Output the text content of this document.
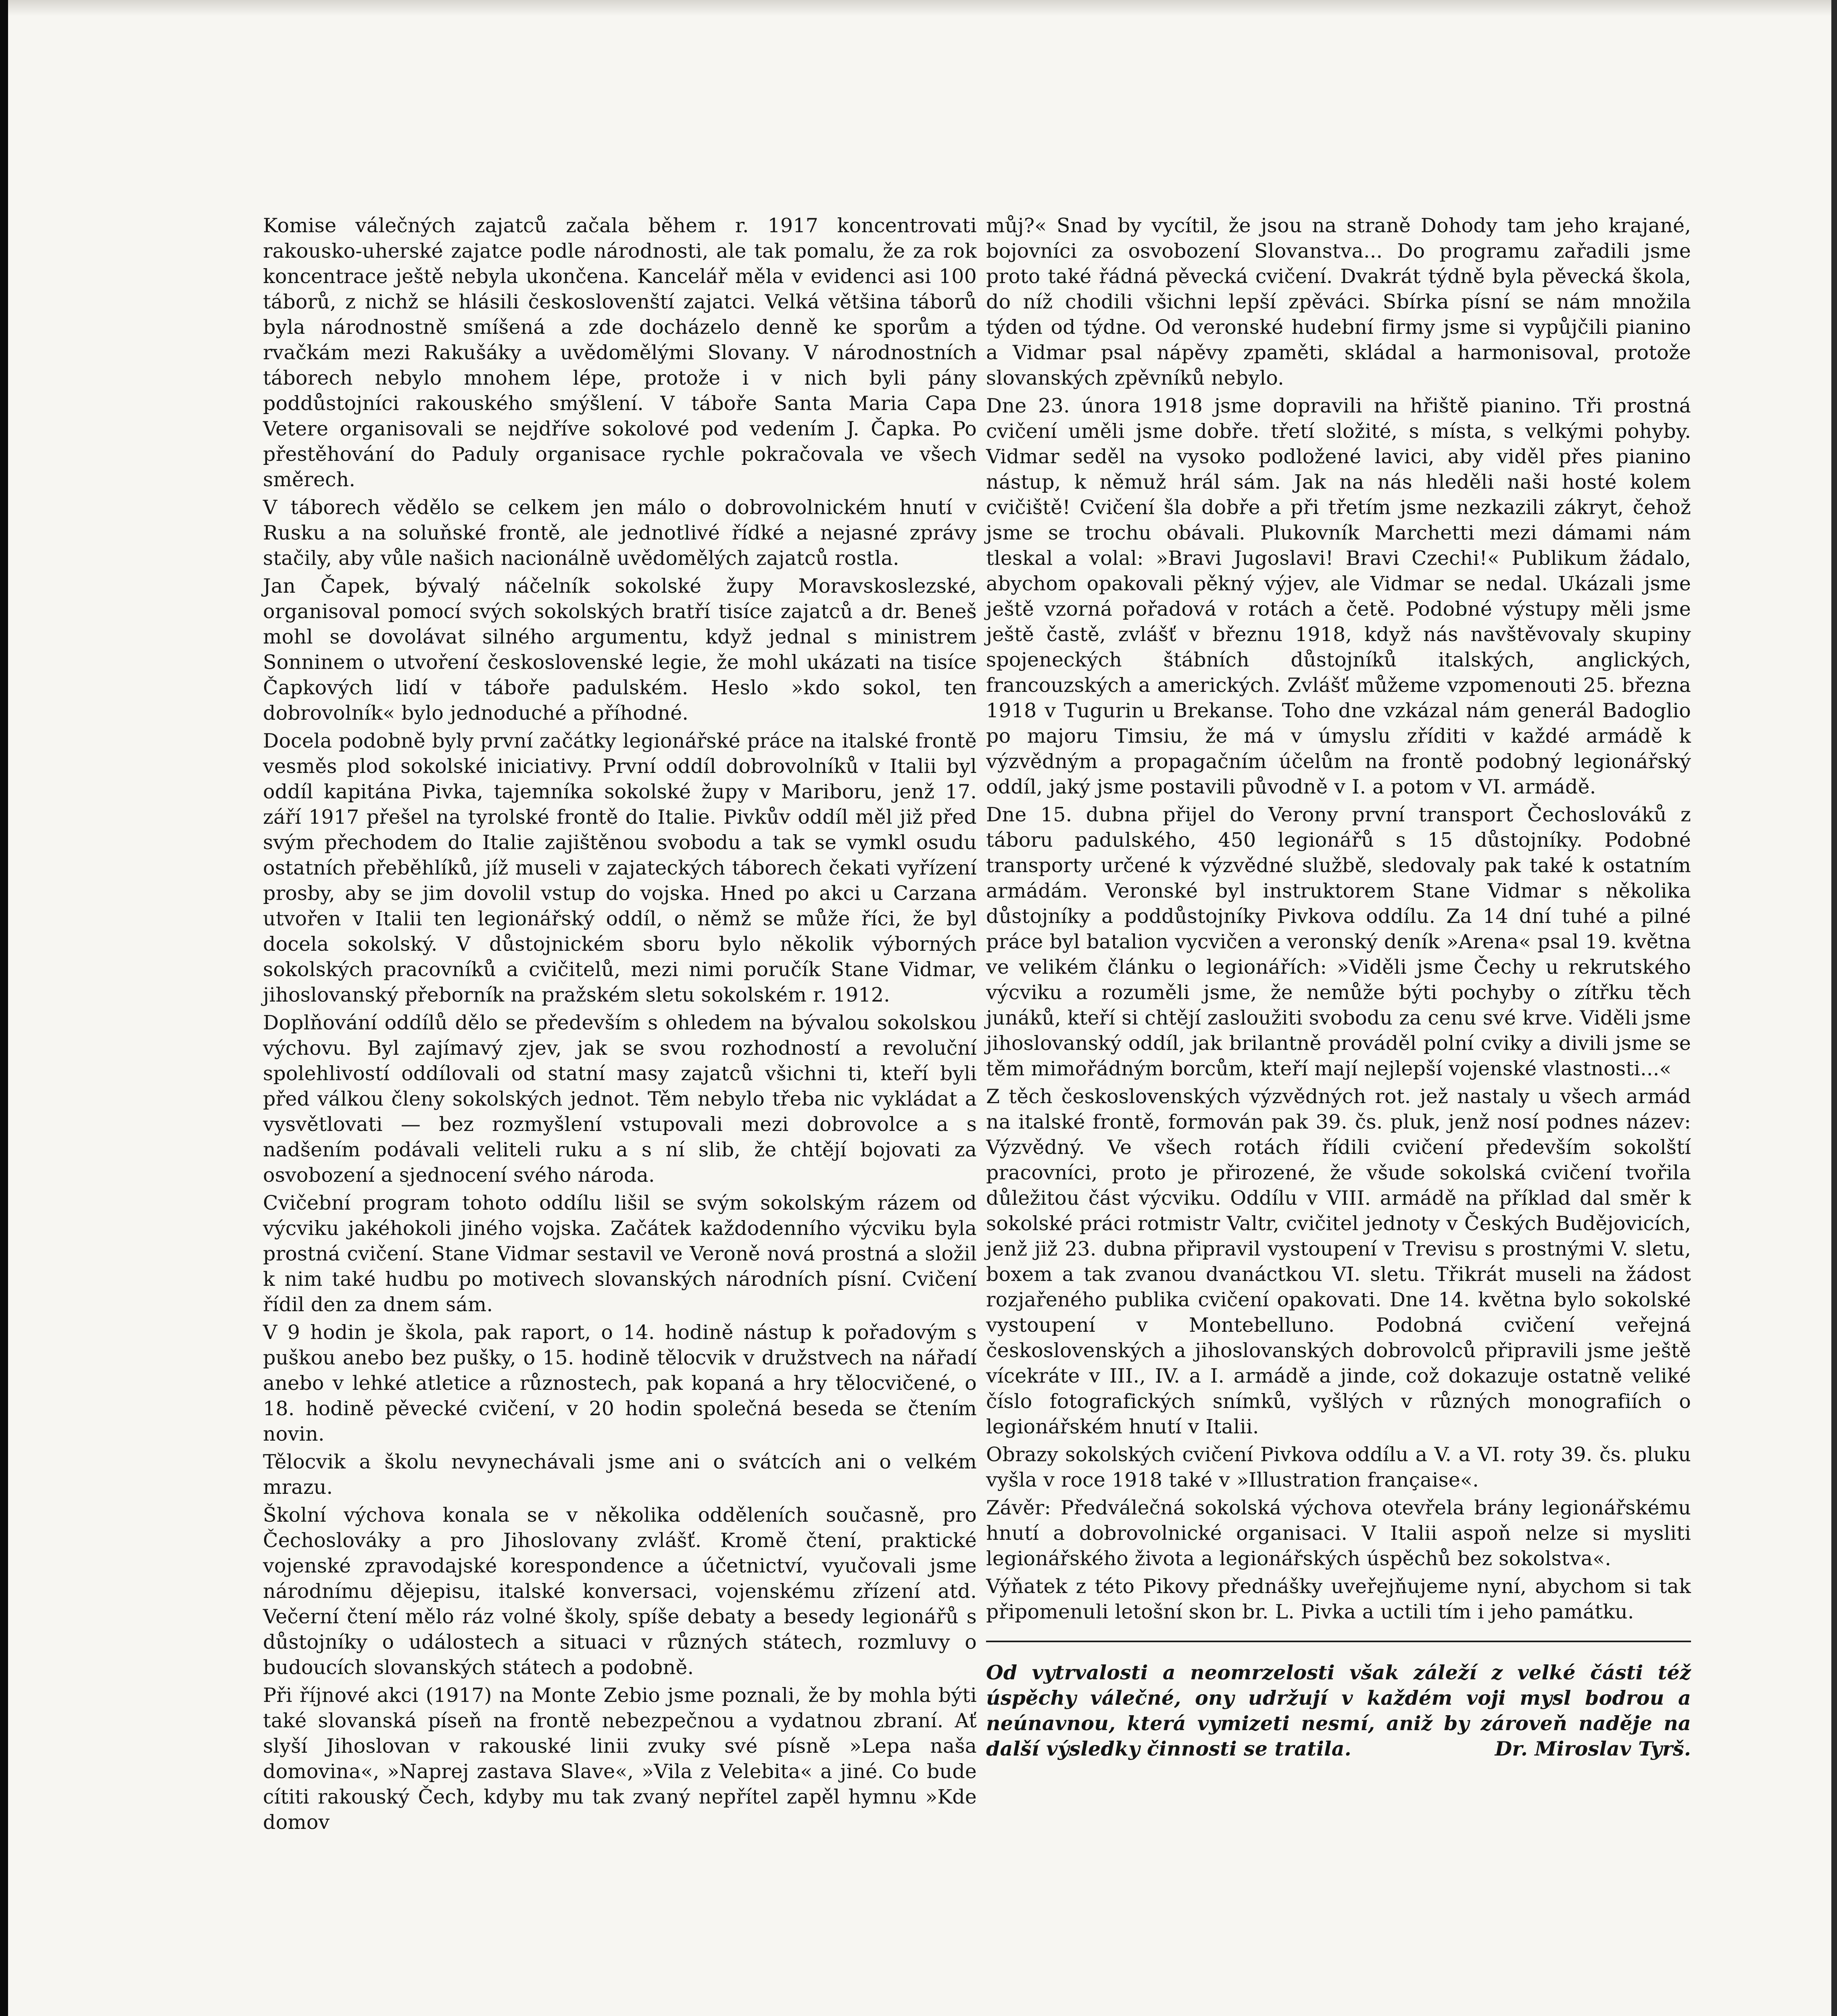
Komise válečných zajatců začala během r. 1917 koncentrovati rakousko-uherské zajatce podle národnosti, ale tak pomalu, že za rok koncentrace ještě nebyla ukončena. Kancelář měla v evidenci asi 100 táborů, z nichž se hlásili českoslovenští zajatci. Velká většina táborů byla národnostně smíšená a zde docházelo denně ke sporům a rvačkám mezi Rakušáky a uvědomělými Slovany. V národnostních táborech nebylo mnohem lépe, protože i v nich byli pány poddůstojníci rakouského smýšlení. V táboře Santa Maria Capa Vetere organisovali se nejdříve sokolové pod vedením J. Čapka. Po přestěhování do Paduly organisace rychle pokračovala ve všech směrech.

V táborech vědělo se celkem jen málo o dobrovolnickém hnutí v Rusku a na soluňské frontě, ale jednotlivé řídké a nejasné zprávy stačily, aby vůle našich nacionálně uvědomělých zajatců rostla.

Jan Čapek, bývalý náčelník sokolské župy Moravskoslezské, organisoval pomocí svých sokolských bratří tisíce zajatců a dr. Beneš mohl se dovolávat silného argumentu, když jednal s ministrem Sonninem o utvoření československé legie, že mohl ukázati na tisíce Čapkových lidí v táboře padulském. Heslo »kdo sokol, ten dobrovolník« bylo jednoduché a příhodné.

Docela podobně byly první začátky legionářské práce na italské frontě vesměs plod sokolské iniciativy. První oddíl dobrovolníků v Italii byl oddíl kapitána Pivka, tajemníka sokolské župy v Mariboru, jenž 17. září 1917 přešel na tyrolské frontě do Italie. Pivkův oddíl měl již před svým přechodem do Italie zajištěnou svobodu a tak se vymkl osudu ostatních přeběhlíků, jíž museli v zajateckých táborech čekati vyřízení prosby, aby se jim dovolil vstup do vojska. Hned po akci u Carzana utvořen v Italii ten legionářský oddíl, o němž se může říci, že byl docela sokolský. V důstojnickém sboru bylo několik výborných sokolských pracovníků a cvičitelů, mezi nimi poručík Stane Vidmar, jihoslovanský přeborník na pražském sletu sokolském r. 1912.

Doplňování oddílů dělo se především s ohledem na bývalou sokolskou výchovu. Byl zajímavý zjev, jak se svou rozhodností a revoluční spolehlivostí oddílovali od statní masy zajatců všichni ti, kteří byli před válkou členy sokolských jednot. Těm nebylo třeba nic vykládat a vysvětlovati — bez rozmyšlení vstupovali mezi dobrovolce a s nadšením podávali veliteli ruku a s ní slib, že chtějí bojovati za osvobození a sjednocení svého národa.

Cvičební program tohoto oddílu lišil se svým sokolským rázem od výcviku jakéhokoli jiného vojska. Začátek každodenního výcviku byla prostná cvičení. Stane Vidmar sestavil ve Veroně nová prostná a složil k nim také hudbu po motivech slovanských národních písní. Cvičení řídil den za dnem sám.

V 9 hodin je škola, pak raport, o 14. hodině nástup k pořadovým s puškou anebo bez pušky, o 15. hodině tělocvik v družstvech na nářadí anebo v lehké atletice a různostech, pak kopaná a hry tělocvičené, o 18. hodině pěvecké cvičení, v 20 hodin společná beseda se čtením novin.

Tělocvik a školu nevynechávali jsme ani o svátcích ani o velkém mrazu.

Školní výchova konala se v několika odděleních současně, pro Čechoslováky a pro Jihoslovany zvlášť. Kromě čtení, praktické vojenské zpravodajské korespondence a účetnictví, vyučovali jsme národnímu dějepisu, italské konversaci, vojenskému zřízení atd. Večerní čtení mělo ráz volné školy, spíše debaty a besedy legionářů s důstojníky o událostech a situaci v různých státech, rozmluvy o budoucích slovanských státech a podobně.

Při říjnové akci (1917) na Monte Zebio jsme poznali, že by mohla býti také slovanská píseň na frontě nebezpečnou a vydatnou zbraní. Ať slyší Jihoslovan v rakouské linii zvuky své písně »Lepa naša domovina«, »Naprej zastava Slave«, »Vila z Velebita« a jiné. Co bude cítiti rakouský Čech, kdyby mu tak zvaný nepřítel zapěl hymnu »Kde domov

můj?« Snad by vycítil, že jsou na straně Dohody tam jeho krajané, bojovníci za osvobození Slovanstva... Do programu zařadili jsme proto také řádná pěvecká cvičení. Dvakrát týdně byla pěvecká škola, do níž chodili všichni lepší zpěváci. Sbírka písní se nám množila týden od týdne. Od veronské hudební firmy jsme si vypůjčili pianino a Vidmar psal nápěvy zpaměti, skládal a harmonisoval, protože slovanských zpěvníků nebylo.

Dne 23. února 1918 jsme dopravili na hřiště pianino. Tři prostná cvičení uměli jsme dobře. třetí složité, s místa, s velkými pohyby. Vidmar seděl na vysoko podložené lavici, aby viděl přes pianino nástup, k němuž hrál sám. Jak na nás hleděli naši hosté kolem cvičiště! Cvičení šla dobře a při třetím jsme nezkazili zákryt, čehož jsme se trochu obávali. Plukovník Marchetti mezi dámami nám tleskal a volal: »Bravi Jugoslavi! Bravi Czechi!« Publikum žádalo, abychom opakovali pěkný výjev, ale Vidmar se nedal. Ukázali jsme ještě vzorná pořadová v rotách a četě. Podobné výstupy měli jsme ještě častě, zvlášť v březnu 1918, když nás navštěvovaly skupiny spojeneckých štábních důstojníků italských, anglických, francouzských a amerických. Zvlášť můžeme vzpomenouti 25. března 1918 v Tugurin u Brekanse. Toho dne vzkázal nám generál Badoglio po majoru Timsiu, že má v úmyslu zříditi v každé armádě k výzvědným a propagačním účelům na frontě podobný legionářský oddíl, jaký jsme postavili původně v I. a potom v VI. armádě.

Dne 15. dubna přijel do Verony první transport Čechoslováků z táboru padulského, 450 legionářů s 15 důstojníky. Podobné transporty určené k výzvědné službě, sledovaly pak také k ostatním armádám. Veronské byl instruktorem Stane Vidmar s několika důstojníky a poddůstojníky Pivkova oddílu. Za 14 dní tuhé a pilné práce byl batalion vycvičen a veronský deník »Arena« psal 19. května ve velikém článku o legionářích: »Viděli jsme Čechy u rekrutského výcviku a rozuměli jsme, že nemůže býti pochyby o zítřku těch junáků, kteří si chtějí zasloužiti svobodu za cenu své krve. Viděli jsme jihoslovanský oddíl, jak brilantně prováděl polní cviky a divili jsme se těm mimořádným borcům, kteří mají nejlepší vojenské vlastnosti...«

Z těch československých výzvědných rot. jež nastaly u všech armád na italské frontě, formován pak 39. čs. pluk, jenž nosí podnes název: Výzvědný. Ve všech rotách řídili cvičení především sokolští pracovníci, proto je přirozené, že všude sokolská cvičení tvořila důležitou část výcviku. Oddílu v VIII. armádě na příklad dal směr k sokolské práci rotmistr Valtr, cvičitel jednoty v Českých Budějovicích, jenž již 23. dubna připravil vystoupení v Trevisu s prostnými V. sletu, boxem a tak zvanou dvanáctkou VI. sletu. Třikrát museli na žádost rozjařeného publika cvičení opakovati. Dne 14. května bylo sokolské vystoupení v Montebelluno. Podobná cvičení veřejná československých a jihoslovanských dobrovolců připravili jsme ještě vícekráte v III., IV. a I. armádě a jinde, což dokazuje ostatně veliké číslo fotografických snímků, vyšlých v různých monografiích o legionářském hnutí v Italii.

Obrazy sokolských cvičení Pivkova oddílu a V. a VI. roty 39. čs. pluku vyšla v roce 1918 také v »Illustration française«.

Závěr: Předválečná sokolská výchova otevřela brány legionářskému hnutí a dobrovolnické organisaci. V Italii aspoň nelze si mysliti legionářského života a legionářských úspěchů bez sokolstva«.

Výňatek z této Pikovy přednášky uveřejňujeme nyní, abychom si tak připomenuli letošní skon br. L. Pivka a uctili tím i jeho památku.

Od vytrvalosti a neomrzelosti však záleží z velké části též úspěchy válečné, ony udržují v každém voji mysl bodrou a neúnavnou, která vymizeti nesmí, aniž by zároveň naděje na další výsledky činnosti se tratila.	Dr. Miroslav Tyrš.
